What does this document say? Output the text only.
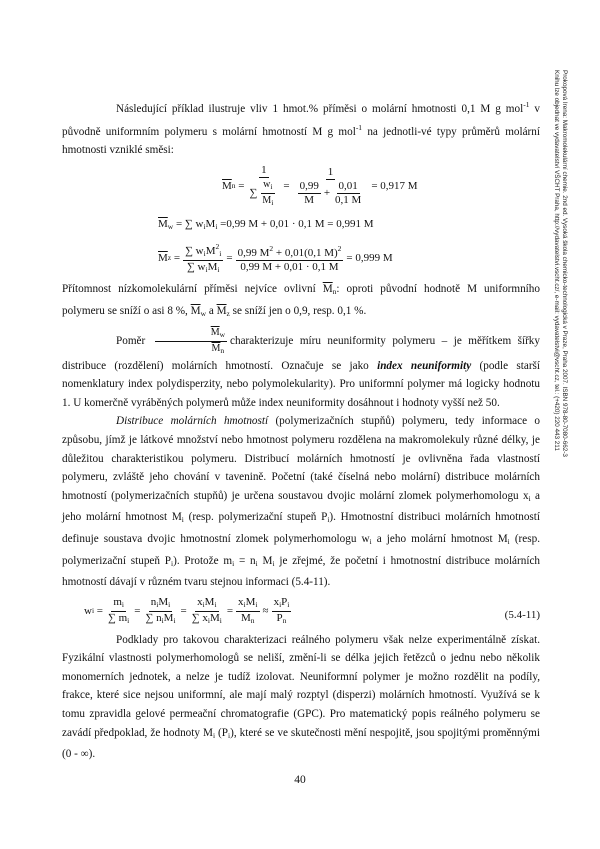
Prokopová Irena: Makromolekulární chemie. 2nd ed. Vysoká škola chemicko-technologická v Praze, Praha 2007. ISBN 978-80-7080-662-3
Knihu lze objednat ve vydavatelství VŠCHT Praha, http://vydavatelstvi.vscht.cz/, e-mail: vydavatelstvi@vscht.cz, tel.: (+420) 220 443 211

Následující příklad ilustruje vliv 1 hmot.% příměsi o molární hmotnosti 0,1 M g mol$^{-1}$ v původně uniformním polymeru s molární hmotností M g mol$^{-1}$ na jednotli-vé typy průměrů molární hmotnosti vzniklé směsi:

$\overline{M}$ $n = \frac{1}{\sum \frac{w_i}{M_i}} = \frac{1}{\frac{0,99}{M} + \frac{0,01}{0,1 M}} = 0,917$ M
$\overline{M}_w$ = ∑ $w_iM_i =0,99$ M + 0,01 · 0,1 M = 0,991 M
$\overline{M}$ $z = \frac{\sum w_iM^2_i}{\sum w_iM_i} = \frac{0,99 M^2 + 0,01(0,1 M)^2}{0,99 M + 0,01 \cdot 0,1 M} = 0,999$ M

Přítomnost nízkomolekulární příměsi nejvíce ovlivní $\overline{M}_n$: oproti původní hodnotě M uniformního polymeru se sníží o asi 8 %, $\overline{M}_w$ a $\overline{M}_z$ se sníží jen o 0,9, resp. 0,1 %.

Poměr $\frac{\overline{M}_w}{\overline{M}_n}$ charakterizuje míru neuniformity polymeru – je měřítkem šířky distribuce (rozdělení) molárních hmotností. Označuje se jako index neuniformity (podle starší nomenklatury index polydisperzity, nebo polymolekularity). Pro uniformní polymer má logicky hodnotu 1. U komerčně vyráběných polymerů může index neuniformity dosáhnout i hodnoty vyšší než 50.

Distribuce molárních hmotností (polymerizačních stupňů) polymeru, tedy informace o způsobu, jímž je látkové množství nebo hmotnost polymeru rozdělena na makromolekuly různé délky, je důležitou charakteristikou polymeru. Distribucí molárních hmotností je ovlivněna řada vlastností polymeru, zvláště jeho chování v tavenině. Početní (také číselná nebo molární) distribuce molárních hmotností (polymerizačních stupňů) je určena soustavou dvojic molární zlomek polymerhomologu $x_i$ a jeho molární hmotnost $M_i$ (resp. polymerizační stupeň $P_i$). Hmotnostní distribuci molárních hmotností definuje soustava dvojic hmotnostní zlomek polymerhomologu $w_i$ a jeho molární hmotnost $M_i$ (resp. polymerizační stupeň $P_i$). Protože $m_i = n_i$ $M_i$ je zřejmé, že početní i hmotnostní distribuce molárních hmotností dávají v různém tvaru stejnou informaci (5.4-11).

w $i = \frac{m_i}{\sum m_i} = \frac{n_iM_i}{\sum n_iM_i} = \frac{x_iM_i}{\sum x_iM_i} = \frac{x_iM_i}{\overline{M}_n} \approx \frac{x_iP_i}{\overline{P}_n}$	(5.4-11)

Podklady pro takovou charakterizaci reálného polymeru však nelze experimentálně získat. Fyzikální vlastnosti polymerhomologů se neliší, změní-li se délka jejich řetězců o jednu nebo několik monomerních jednotek, a nelze je tudíž izolovat. Neuniformní polymer je možno rozdělit na podíly, frakce, které sice nejsou uniformní, ale mají malý rozptyl (disperzi) molárních hmotností. Využívá se k tomu zpravidla gelové permeační chromatografie (GPC). Pro matematický popis reálného polymeru se zavádí předpoklad, že hodnoty $M_i$ $(P_i)$, které se ve skutečnosti mění nespojitě, jsou spojitými proměnnými (0 - ∞).

40
